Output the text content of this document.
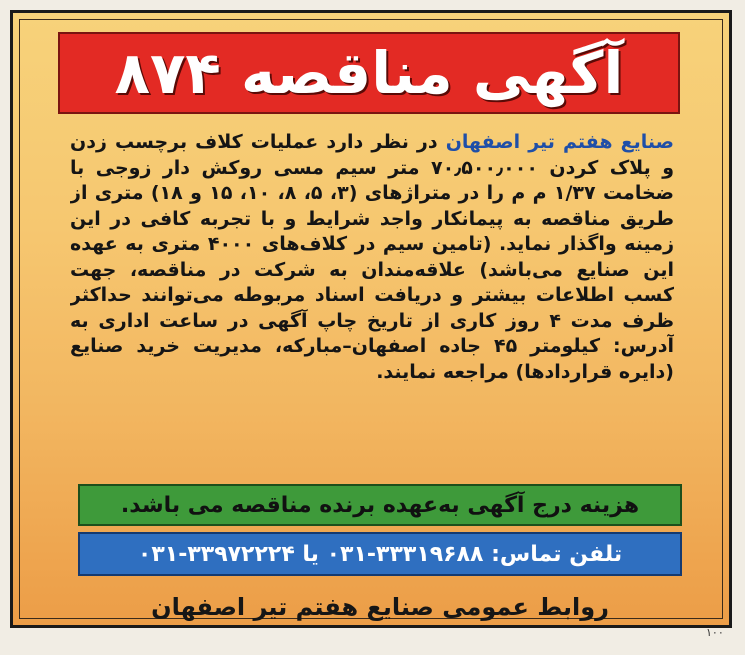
آگهی مناقصه ۸۷۴
صنایع هفتم تیر اصفهان در نظر دارد عملیات کلاف برچسب زدن و پلاک کردن ۷۰٫۵۰۰٫۰۰۰ متر سیم مسی روکش دار زوجی با ضخامت ۱/۳۷ م م را در متراژهای (۳، ۵، ۸، ۱۰، ۱۵ و ۱۸) متری از طریق مناقصه به پیمانکار واجد شرایط و با تجربه کافی در این زمینه واگذار نماید. (تامین سیم در کلاف‌های ۴۰۰۰ متری به عهده این صنایع می‌باشد) علاقه‌مندان به شرکت در مناقصه، جهت کسب اطلاعات بیشتر و دریافت اسناد مربوطه می‌توانند حداکثر ظرف مدت ۴ روز کاری از تاریخ چاپ آگهی در ساعت اداری به آدرس: کیلومتر ۴۵ جاده اصفهان–مبارکه، مدیریت خرید صنایع (دایره قراردادها) مراجعه نمایند.
هزینه درج آگهی به‌عهده برنده مناقصه می باشد.
تلفن تماس: ۳۳۳۱۹۶۸۸-۰۳۱ یا ۳۳۹۷۲۲۲۴-۰۳۱
روابط عمومی صنایع هفتم تیر اصفهان
۱۰۰
